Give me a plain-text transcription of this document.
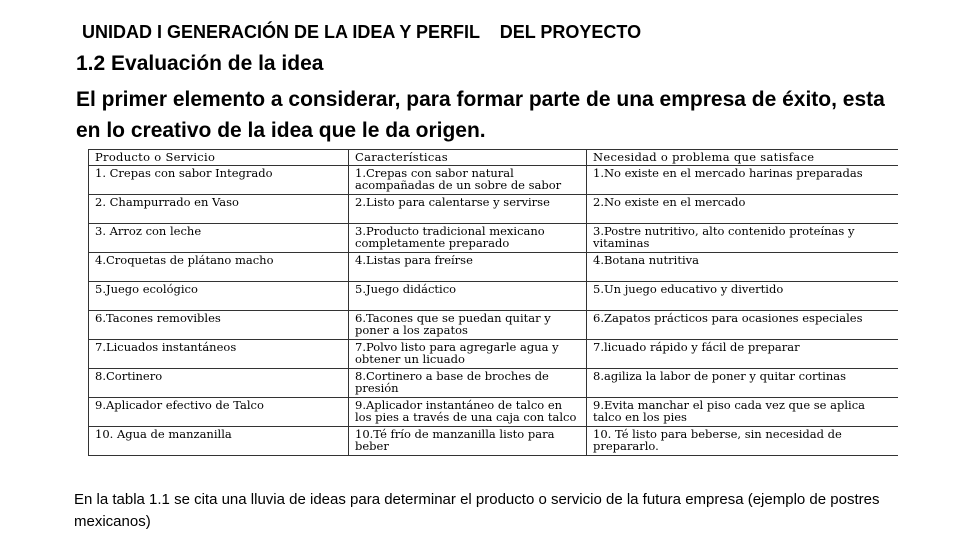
UNIDAD I GENERACIÓN DE LA IDEA Y PERFIL    DEL PROYECTO
1.2 Evaluación de la idea
El primer elemento a considerar, para formar parte de una empresa de éxito, esta en lo creativo de la idea que le da origen.
Producto o Servicio	Características	Necesidad o problema que satisface
1. Crepas con sabor Integrado	1.Crepas con sabor natural acompañadas de un sobre de sabor	1.No existe en el mercado harinas preparadas
2. Champurrado en Vaso	2.Listo para calentarse y servirse	2.No existe en el mercado
3. Arroz con leche	3.Producto tradicional mexicano completamente preparado	3.Postre nutritivo, alto contenido proteínas y vitaminas
4.Croquetas de plátano macho	4.Listas para freírse	4.Botana nutritiva
5.Juego ecológico	5.Juego didáctico	5.Un juego educativo y divertido
6.Tacones removibles	6.Tacones que se puedan quitar y poner a los zapatos	6.Zapatos prácticos para ocasiones especiales
7.Licuados instantáneos	7.Polvo listo para agregarle agua y obtener un licuado	7.licuado rápido y fácil de preparar
8.Cortinero	8.Cortinero a base de broches de presión	8.agiliza la labor de poner y quitar cortinas
9.Aplicador efectivo de Talco	9.Aplicador instantáneo de talco en los pies a través de una caja con talco	9.Evita manchar el piso cada vez que se aplica talco en los pies
10. Agua de manzanilla	10.Té frío de manzanilla listo para beber	10. Té listo para beberse, sin necesidad de prepararlo.
En la tabla 1.1 se cita una lluvia de ideas para determinar el producto o servicio de la futura empresa (ejemplo de postres mexicanos)
